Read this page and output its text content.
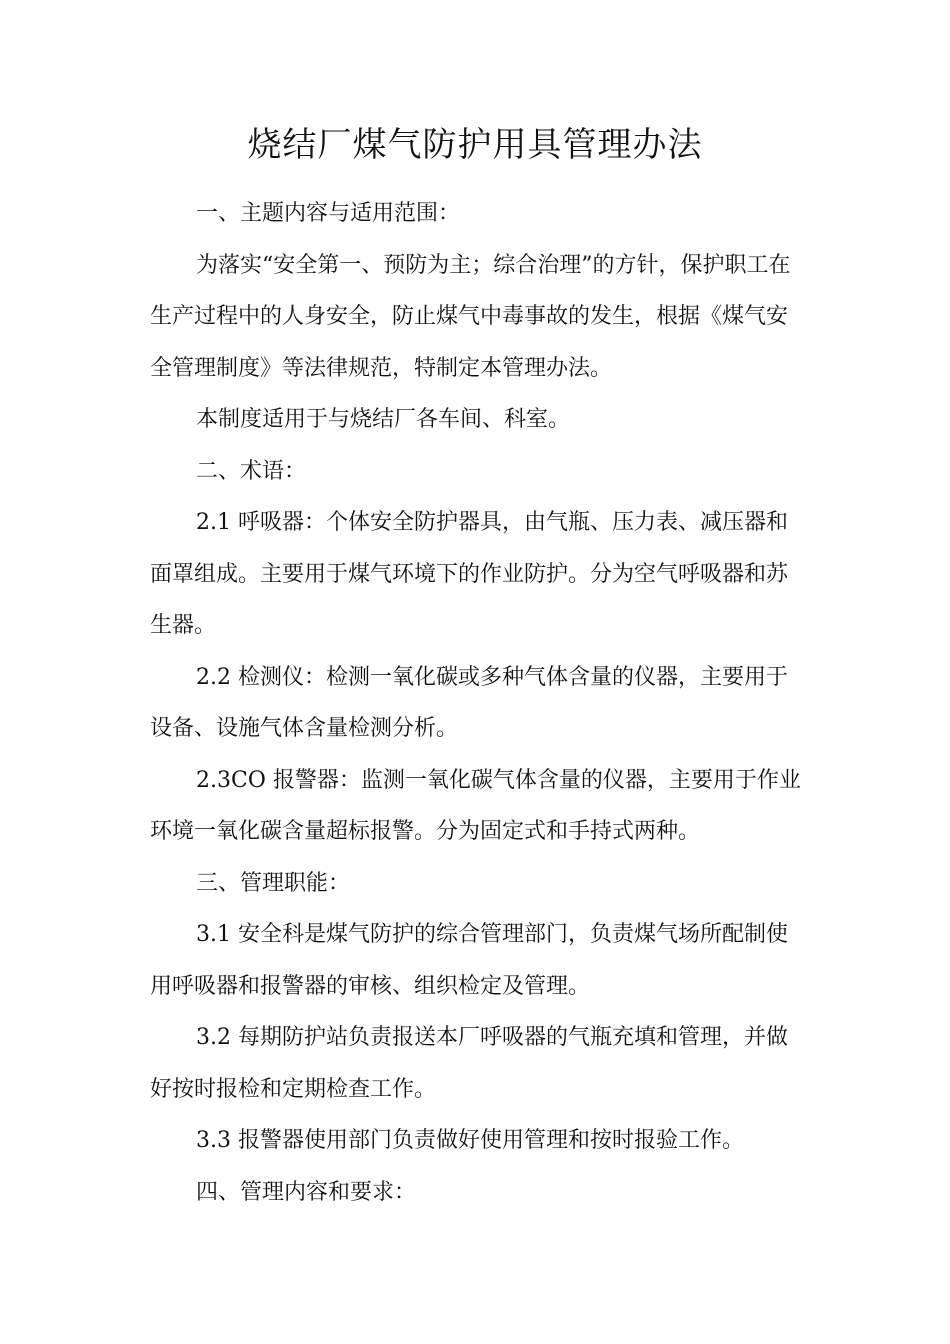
烧结厂煤气防护用具管理办法

一、主题内容与适用范围：

为落实“安全第一、预防为主；综合治理”的方针，保护职工在

生产过程中的人身安全，防止煤气中毒事故的发生，根据《煤气安

全管理制度》等法律规范，特制定本管理办法。

本制度适用于与烧结厂各车间、科室。

二、术语：

2.1 呼吸器：个体安全防护器具，由气瓶、压力表、减压器和

面罩组成。主要用于煤气环境下的作业防护。分为空气呼吸器和苏

生器。

2.2 检测仪：检测一氧化碳或多种气体含量的仪器，主要用于

设备、设施气体含量检测分析。

2.3CO 报警器：监测一氧化碳气体含量的仪器，主要用于作业

环境一氧化碳含量超标报警。分为固定式和手持式两种。

三、管理职能：

3.1 安全科是煤气防护的综合管理部门，负责煤气场所配制使

用呼吸器和报警器的审核、组织检定及管理。

3.2 每期防护站负责报送本厂呼吸器的气瓶充填和管理，并做

好按时报检和定期检查工作。

3.3 报警器使用部门负责做好使用管理和按时报验工作。

四、管理内容和要求：
